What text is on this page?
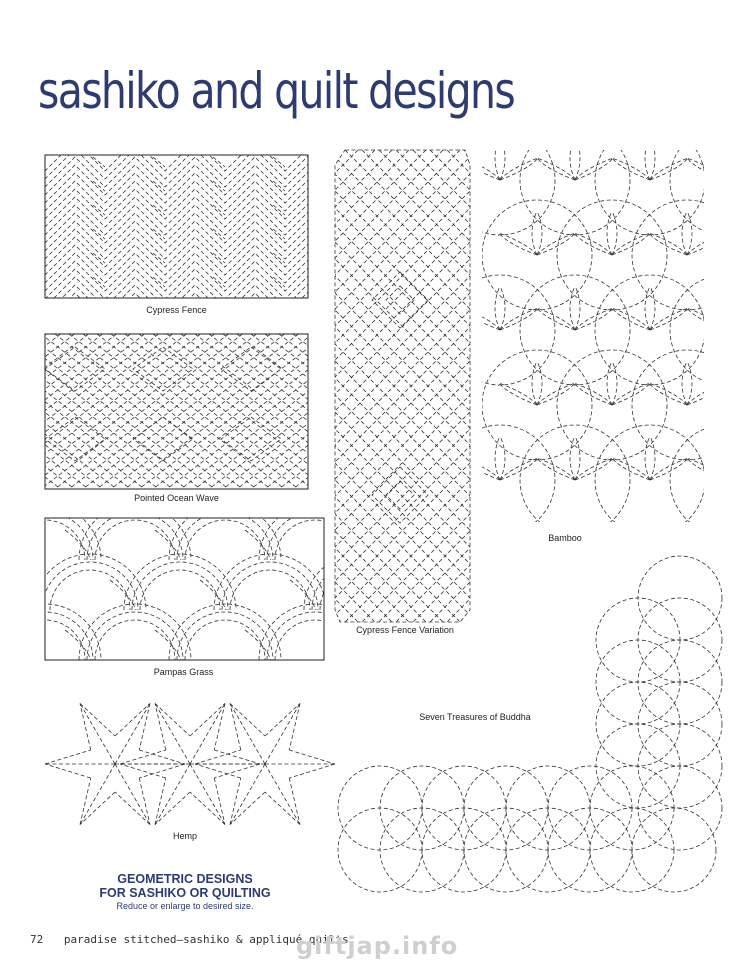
sashiko and quilt designs
Cypress Fence
Pointed Ocean Wave
Pampas Grass
Hemp
Cypress Fence Variation
Bamboo
Seven Treasures of Buddha
GEOMETRIC DESIGNS
FOR SASHIKO OR QUILTING
Reduce or enlarge to desired size.
72 paradise stitched—sashiko & appliqué quilts
giftjap.info
